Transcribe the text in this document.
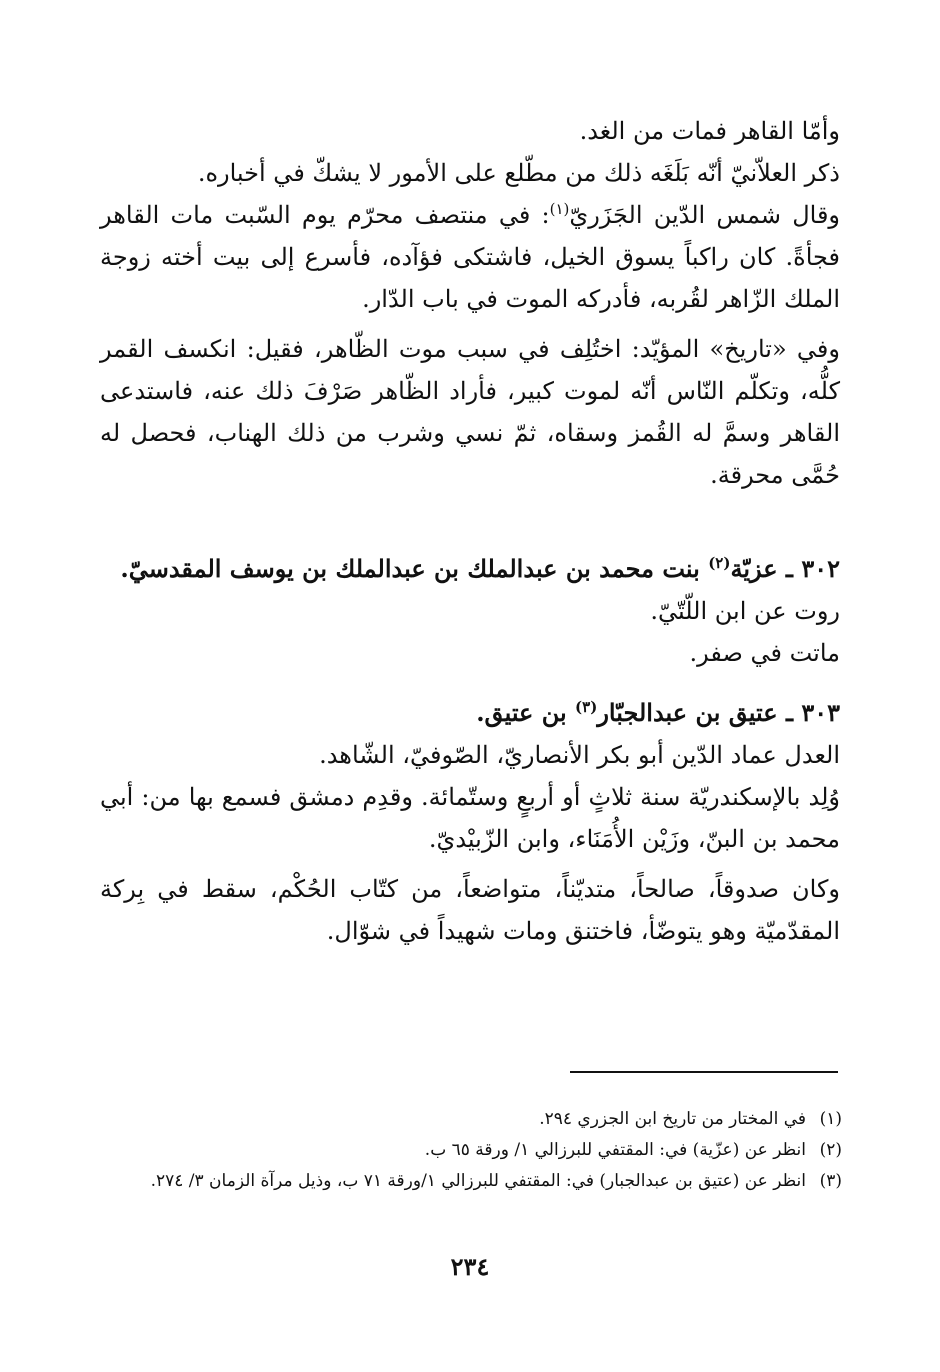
وأمّا القاهر فمات من الغد.

ذكر العلاّنيّ أنّه بَلَغَه ذلك من مطّلع على الأمور لا يشكّ في أخباره.

وقال شمس الدّين الجَزَريّ$^{(١)}$: في منتصف محرّم يوم السّبت مات القاهر فجأةً. كان راكباً يسوق الخيل، فاشتكى فؤآده، فأسرع إلى بيت أخته زوجة الملك الزّاهر لقُربه، فأدركه الموت في باب الدّار.

وفي «تاريخ» المؤيّد: اختُلِف في سبب موت الظّاهر، فقيل: انكسف القمر كلُّه، وتكلّم النّاس أنّه لموت كبير، فأراد الظّاهر صَرْفَ ذلك عنه، فاستدعى القاهر وسمَّ له القُمز وسقاه، ثمّ نسي وشرب من ذلك الهناب، فحصل له حُمَّى محرقة.

٣٠٢ ـ عزيّة$^{(٢)}$ بنت محمد بن عبدالملك بن عبدالملك بن يوسف المقدسيّ.

روت عن ابن اللّتّيّ.

ماتت في صفر.

٣٠٣ ـ عتيق بن عبدالجبّار$^{(٣)}$ بن عتيق.

العدل عماد الدّين أبو بكر الأنصاريّ، الصّوفيّ، الشّاهد.

وُلِد بالإسكندريّة سنة ثلاثٍ أو أربعٍ وستّمائة. وقدِم دمشق فسمع بها من: أبي محمد بن البنّ، وزَيْن الأُمَنَاء، وابن الزّبيْديّ.

وكان صدوقاً، صالحاً، متديّناً، متواضعاً، من كتّاب الحُكْم، سقط في بِركة المقدّميّة وهو يتوضّأ، فاختنق ومات شهيداً في شوّال.

(١)
في المختار من تاريخ ابن الجزري ٢٩٤.
(٢)
انظر عن (عزّية) في: المقتفي للبرزالي ١/ ورقة ٦٥ ب.
(٣)
انظر عن (عتيق بن عبدالجبار) في: المقتفي للبرزالي ١/ورقة ٧١ ب، وذيل مرآة الزمان ٣/ ٢٧٤.
٢٣٤
